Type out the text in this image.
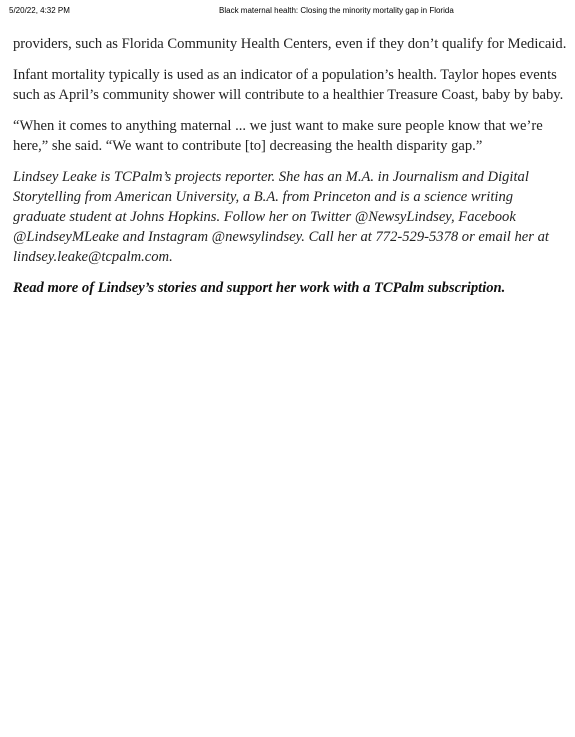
5/20/22, 4:32 PM	Black maternal health: Closing the minority mortality gap in Florida

providers, such as Florida Community Health Centers, even if they don’t qualify for Medicaid.

Infant mortality typically is used as an indicator of a population’s health. Taylor hopes events such as April’s community shower will contribute to a healthier Treasure Coast, baby by baby.

“When it comes to anything maternal ... we just want to make sure people know that we’re here,” she said. “We want to contribute [to] decreasing the health disparity gap.”

Lindsey Leake is TCPalm’s projects reporter. She has an M.A. in Journalism and Digital Storytelling from American University, a B.A. from Princeton and is a science writing graduate student at Johns Hopkins. Follow her on Twitter @NewsyLindsey, Facebook @LindseyMLeake and Instagram @newsylindsey. Call her at 772-529-5378 or email her at lindsey.leake@tcpalm.com.

Read more of Lindsey’s stories and support her work with a TCPalm subscription.
